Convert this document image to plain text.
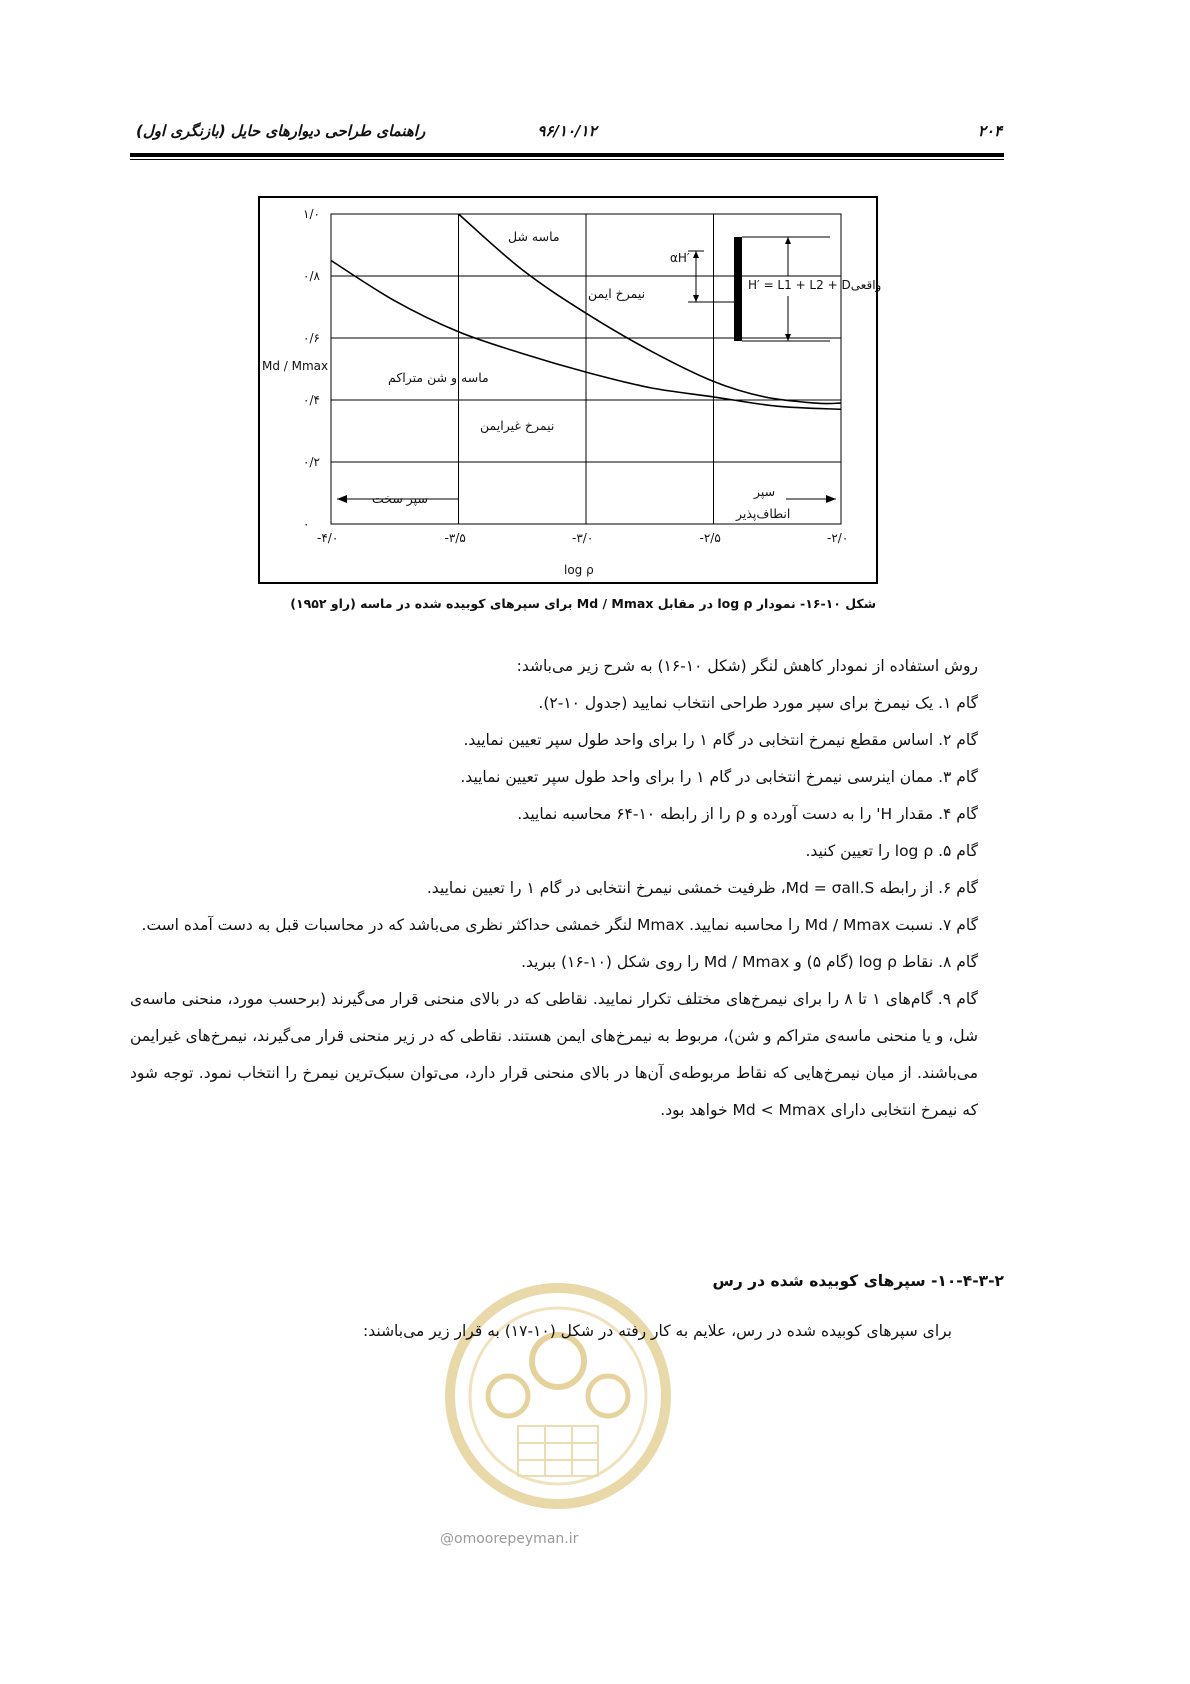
راهنمای طراحی دیوارهای حایل (بازنگری اول)	۹۶/۱۰/۱۲	۲۰۴
۱/۰
۰/۸
۰/۶
۰/۴
۰/۲
۰
-۴/۰	-۳/۵	-۳/۰	-۲/۵	-۲/۰
Md / Mmax
log ρ
ماسه شل
نیمرخ ایمن
ماسه و شن متراکم
نیمرخ غیرایمن
سپر سخت	سپر
انطاف‌پذیر
αH′
H′ = L1 + L2 + Dواقعی
شکل ۱۰-۱۶- نمودار log ρ در مقابل Md / Mmax برای سپرهای کوبیده شده در ماسه (راو ۱۹۵۲)

روش استفاده از نمودار کاهش لنگر (شکل ۱۰-۱۶) به شرح زیر می‌باشد:

گام ۱. یک نیمرخ برای سپر مورد طراحی انتخاب نمایید (جدول ۱۰-۲).

گام ۲. اساس مقطع نیمرخ انتخابی در گام ۱ را برای واحد طول سپر تعیین نمایید.

گام ۳. ممان اینرسی نیمرخ انتخابی در گام ۱ را برای واحد طول سپر تعیین نمایید.

گام ۴. مقدار H' را به دست آورده و ρ را از رابطه ۱۰-۶۴ محاسبه نمایید.

گام ۵. log ρ را تعیین کنید.

گام ۶. از رابطه Md = σall.S، ظرفیت خمشی نیمرخ انتخابی در گام ۱ را تعیین نمایید.

گام ۷. نسبت Md / Mmax را محاسبه نمایید. Mmax لنگر خمشی حداکثر نظری می‌باشد که در محاسبات قبل به دست آمده است.

گام ۸. نقاط log ρ (گام ۵) و Md / Mmax را روی شکل (۱۰-۱۶) ببرید.

گام ۹. گام‌های ۱ تا ۸ را برای نیمرخ‌های مختلف تکرار نمایید. نقاطی که در بالای منحنی قرار می‌گیرند (برحسب مورد، منحنی ماسه‌ی شل، و یا منحنی ماسه‌ی متراکم و شن)، مربوط به نیمرخ‌های ایمن هستند. نقاطی که در زیر منحنی قرار می‌گیرند، نیمرخ‌های غیرایمن می‌باشند. از میان نیمرخ‌هایی که نقاط مربوطه‌ی آن‌ها در بالای منحنی قرار دارد، می‌توان سبک‌ترین نیمرخ را انتخاب نمود. توجه شود که نیمرخ انتخابی دارای Md < Mmax خواهد بود.

۱۰-۴-۳-۲- سپرهای کوبیده شده در رس
برای سپرهای کوبیده شده در رس، علایم به کار رفته در شکل (۱۰-۱۷) به قرار زیر می‌باشند:
@omoorepeyman.ir
